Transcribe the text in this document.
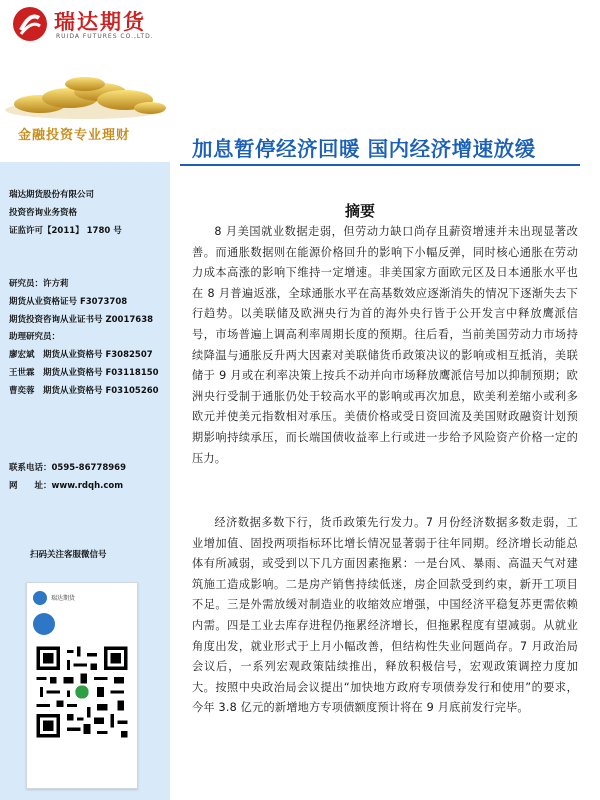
瑞达期货
RUIDA FUTURES CO.,LTD.
金融投资专业理财
瑞达期货股份有限公司
投资咨询业务资格
证监许可【2011】 1780 号
研究员：许方莉
期货从业资格证号 F3073708
期货投资咨询从业证书号 Z0017638
助理研究员：
廖宏斌　期货从业资格号 F3082507
王世霖　期货从业资格号 F03118150
曹奕蓉　期货从业资格号 F03105260
联系电话：0595-86778969
网　　址：www.rdqh.com
扫码关注客服微信号
瑞达期货
加息暂停经济回暖 国内经济增速放缓
摘要
8 月美国就业数据走弱，但劳动力缺口尚存且薪资增速并未出现显著改善。而通胀数据则在能源价格回升的影响下小幅反弹，同时核心通胀在劳动力成本高涨的影响下维持一定增速。非美国家方面欧元区及日本通胀水平也在 8 月普遍返涨，全球通胀水平在高基数效应逐渐消失的情况下逐渐失去下行趋势。以美联储及欧洲央行为首的海外央行皆于公开发言中释放鹰派信号，市场普遍上调高利率周期长度的预期。往后看，当前美国劳动力市场持续降温与通胀反升两大因素对美联储货币政策决议的影响或相互抵消，美联储于 9 月或在利率决策上按兵不动并向市场释放鹰派信号加以抑制预期；欧洲央行受制于通胀仍处于较高水平的影响或再次加息，欧美利差缩小或利多欧元并使美元指数相对承压。美债价格或受日资回流及美国财政融资计划预期影响持续承压，而长端国债收益率上行或进一步给予风险资产价格一定的压力。
经济数据多数下行，货币政策先行发力。7 月份经济数据多数走弱，工业增加值、固投两项指标环比增长情况显著弱于往年同期。经济增长动能总体有所减弱，或受到以下几方面因素拖累：一是台风、暴雨、高温天气对建筑施工造成影响。二是房产销售持续低迷，房企回款受到约束，新开工项目不足。三是外需放缓对制造业的收缩效应增强，中国经济平稳复苏更需依赖内需。四是工业去库存进程仍拖累经济增长，但拖累程度有望减弱。从就业角度出发，就业形式于上月小幅改善，但结构性失业问题尚存。7 月政治局会议后，一系列宏观政策陆续推出，释放积极信号，宏观政策调控力度加大。按照中央政治局会议提出“加快地方政府专项债券发行和使用”的要求，今年 3.8 亿元的新增地方专项债额度预计将在 9 月底前发行完毕。
